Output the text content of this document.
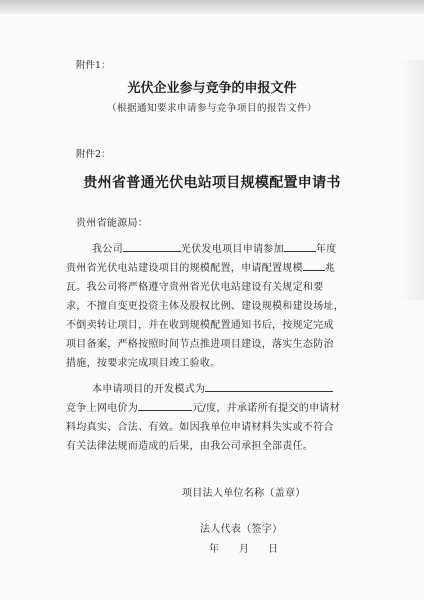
附件1：
光伏企业参与竞争的申报文件
（根据通知要求申请参与竞争项目的报告文件）
附件2：
贵州省普通光伏电站项目规模配置申请书
贵州省能源局：
我公司	光伏发电项目申请参加	年度
贵州省光伏电站建设项目的规模配置，申请配置规模 兆
瓦。我公司将严格遵守贵州省光伏电站建设有关规定和要
求，不擅自变更投资主体及股权比例、建设规模和建设场址，
不倒卖转让项目，并在收到规模配置通知书后，按规定完成
项目备案，严格按照时间节点推进项目建设，落实生态防治
措施，按要求完成项目竣工验收。
本申请项目的开发模式为
竞争上网电价为	元/度，并承诺所有提交的申请材
料均真实、合法、有效。如因我单位申请材料失实或不符合
有关法律法规而造成的后果，由我公司承担全部责任。
项目法人单位名称（盖章）
法人代表（签字）
年 月 日
